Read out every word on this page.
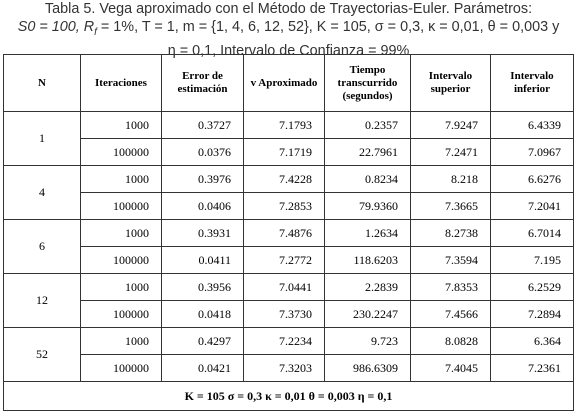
Tabla 5. Vega aproximado con el Método de Trayectorias-Euler. Parámetros:
S0 = 100, $R_f = 1\%$, T = 1, m = {1, 4, 6, 12, 52}, K = 105, σ = 0,3, κ = 0,01, θ = 0,003 y
η = 0,1, Intervalo de Confianza = 99%
N	Iteraciones	Error de estimación	v Aproximado	Tiempo transcurrido (segundos)	Intervalo superior	Intervalo inferior
1	1000	0.3727	7.1793	0.2357	7.9247	6.4339
	100000	0.0376	7.1719	22.7961	7.2471	7.0967
4	1000	0.3976	7.4228	0.8234	8.218	6.6276
	100000	0.0406	7.2853	79.9360	7.3665	7.2041
6	1000	0.3931	7.4876	1.2634	8.2738	6.7014
	100000	0.0411	7.2772	118.6203	7.3594	7.195
12	1000	0.3956	7.0441	2.2839	7.8353	6.2529
	100000	0.0418	7.3730	230.2247	7.4566	7.2894
52	1000	0.4297	7.2234	9.723	8.0828	6.364
	100000	0.0421	7.3203	986.6309	7.4045	7.2361
K = 105 σ = 0,3 κ = 0,01 θ = 0,003 η = 0,1						
